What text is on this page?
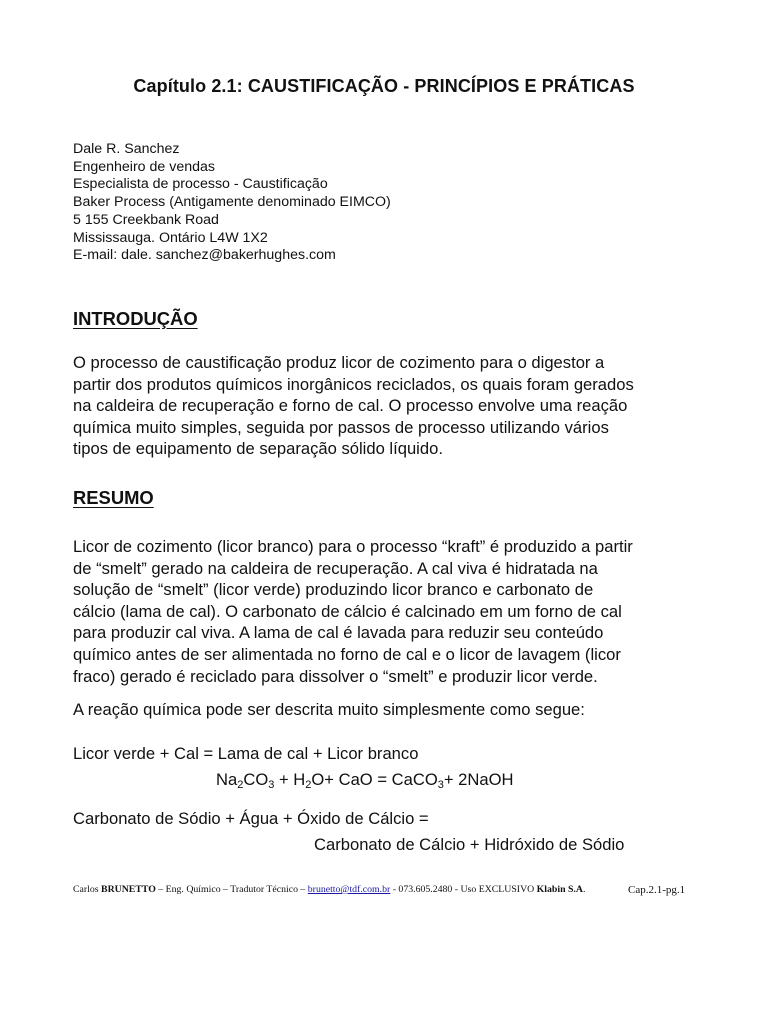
Capítulo 2.1: CAUSTIFICAÇÃO - PRINCÍPIOS E PRÁTICAS
Dale R. Sanchez
Engenheiro de vendas
Especialista de processo - Caustificação
Baker Process (Antigamente denominado EIMCO)
5 155 Creekbank Road
Mississauga. Ontário L4W 1X2
E-mail: dale. sanchez@bakerhughes.com
INTRODUÇÃO
O processo de caustificação produz licor de cozimento para o digestor a
partir dos produtos químicos inorgânicos reciclados, os quais foram gerados
na caldeira de recuperação e forno de cal. O processo envolve uma reação
química muito simples, seguida por passos de processo utilizando vários
tipos de equipamento de separação sólido líquido.
RESUMO
Licor de cozimento (licor branco) para o processo “kraft” é produzido a partir
de “smelt” gerado na caldeira de recuperação. A cal viva é hidratada na
solução de “smelt” (licor verde) produzindo licor branco e carbonato de
cálcio (lama de cal). O carbonato de cálcio é calcinado em um forno de cal
para produzir cal viva. A lama de cal é lavada para reduzir seu conteúdo
químico antes de ser alimentada no forno de cal e o licor de lavagem (licor
fraco) gerado é reciclado para dissolver o “smelt” e produzir licor verde.
A reação química pode ser descrita muito simplesmente como segue:
Licor verde + Cal = Lama de cal + Licor branco
$Na_2CO_3 + H_2O+$ CaO = CaCO$_3$+ 2NaOH
Carbonato de Sódio + Água + Óxido de Cálcio =
Carbonato de Cálcio + Hidróxido de Sódio
Carlos BRUNETTO – Eng. Químico – Tradutor Técnico – brunetto@tdf.com.br - 073.605.2480 - Uso EXCLUSIVO Klabin S.A.	Cap.2.1-pg.1
